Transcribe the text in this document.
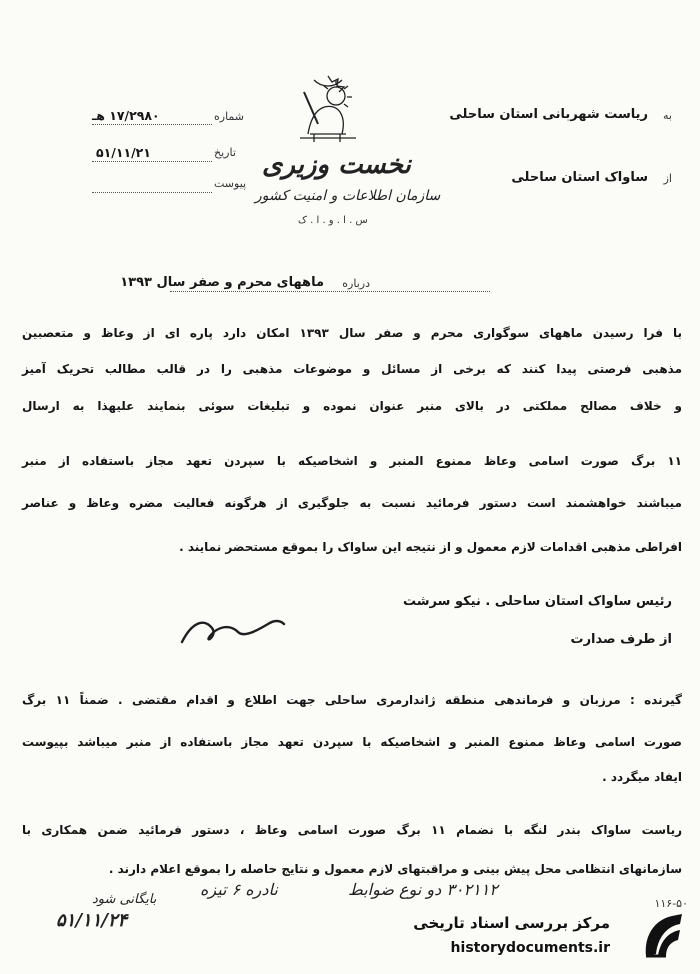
نخست وزیری
سازمان اطلاعات و امنیت کشور
س . ا . و . ا . ک
شماره
۱۷/۲۹۸۰ هـ
تاریخ
۵۱/۱۱/۲۱
پیوست
به
ریاست شهربانی استان ساحلی
از
ساواک استان ساحلی
درباره
ماههای محرم و صفر سال ۱۳۹۳
با فرا رسیدن ماههای سوگواری محرم و صفر سال ۱۳۹۳ امکان دارد پاره ای از وعاظ و متعصبین
مذهبی فرصتی پیدا کنند که برخی از مسائل و موضوعات مذهبی را در قالب مطالب تحریک آمیز
و خلاف مصالح مملکتی در بالای منبر عنوان نموده و تبلیغات سوئی بنمایند علیهذا به ارسال
۱۱ برگ صورت اسامی وعاظ ممنوع المنبر و اشخاصیکه با سپردن تعهد مجاز باستفاده از منبر
میباشند خواهشمند است دستور فرمائید نسبت به جلوگیری از هرگونه فعالیت مضره وعاظ و عناصر
افراطی مذهبی اقدامات لازم معمول و از نتیجه این ساواک را بموقع مستحضر نمایند .
رئیس ساواک استان ساحلی . نیکو سرشت
از طرف صدارت
گیرنده : مرزبان و فرماندهی منطقه ژاندارمری ساحلی جهت اطلاع و اقدام مقتضی . ضمناً ۱۱ برگ
صورت اسامی وعاظ ممنوع المنبر و اشخاصیکه با سپردن تعهد مجاز باستفاده از منبر میباشد بپیوست
ایفاد میگردد .
ریاست ساواک بندر لنگه با نضمام ۱۱ برگ صورت اسامی وعاظ ، دستور فرمائید ضمن همکاری با
سازمانهای انتظامی محل پیش بینی و مراقبتهای لازم معمول و نتایج حاصله را بموقع اعلام دارند .
۵۱/۱۱/۲۴
بایگانی شود
نادره ۶ تیزه	۳۰۲۱۱۲ دو نوع ضوابط
۱۱۶-۵۰
مرکز بررسی اسناد تاریخی
historydocuments.ir
